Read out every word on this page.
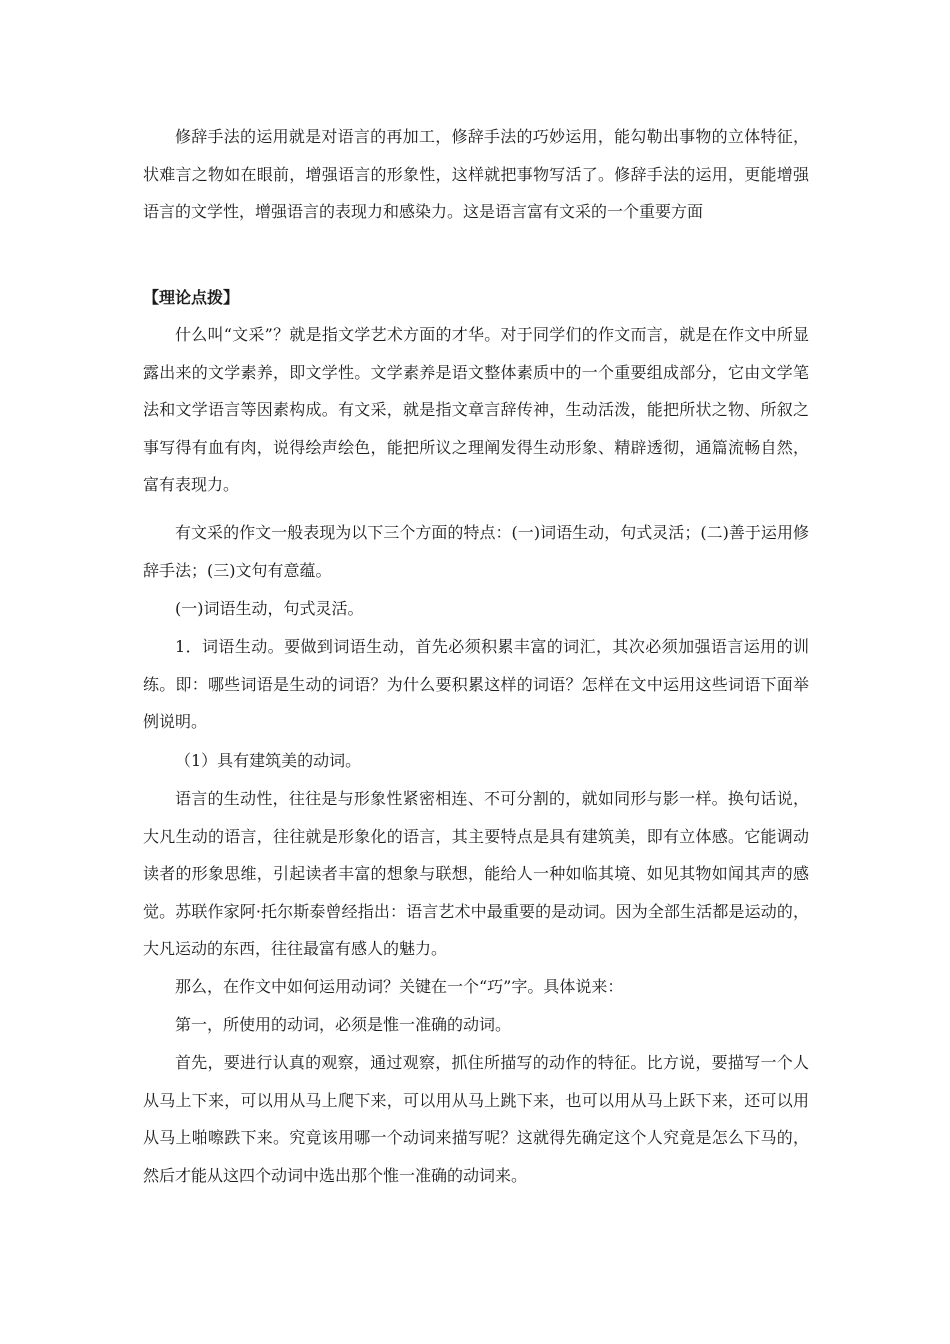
修辞手法的运用就是对语言的再加工，修辞手法的巧妙运用，能勾勒出事物的立体特征，状难言之物如在眼前，增强语言的形象性，这样就把事物写活了。修辞手法的运用，更能增强语言的文学性，增强语言的表现力和感染力。这是语言富有文采的一个重要方面

【理论点拨】

什么叫“文采”？就是指文学艺术方面的才华。对于同学们的作文而言，就是在作文中所显露出来的文学素养，即文学性。文学素养是语文整体素质中的一个重要组成部分，它由文学笔法和文学语言等因素构成。有文采，就是指文章言辞传神，生动活泼，能把所状之物、所叙之事写得有血有肉，说得绘声绘色，能把所议之理阐发得生动形象、精辟透彻，通篇流畅自然，富有表现力。

有文采的作文一般表现为以下三个方面的特点：(一)词语生动，句式灵活；(二)善于运用修辞手法；(三)文句有意蕴。

(一)词语生动，句式灵活。

1．词语生动。要做到词语生动，首先必须积累丰富的词汇，其次必须加强语言运用的训练。即：哪些词语是生动的词语？为什么要积累这样的词语？怎样在文中运用这些词语下面举例说明。

（1）具有建筑美的动词。

语言的生动性，往往是与形象性紧密相连、不可分割的，就如同形与影一样。换句话说，大凡生动的语言，往往就是形象化的语言，其主要特点是具有建筑美，即有立体感。它能调动读者的形象思维，引起读者丰富的想象与联想，能给人一种如临其境、如见其物如闻其声的感觉。苏联作家阿·托尔斯泰曾经指出：语言艺术中最重要的是动词。因为全部生活都是运动的，大凡运动的东西，往往最富有感人的魅力。

那么，在作文中如何运用动词？关键在一个“巧”字。具体说来：

第一，所使用的动词，必须是惟一准确的动词。

首先，要进行认真的观察，通过观察，抓住所描写的动作的特征。比方说，要描写一个人从马上下来，可以用从马上爬下来，可以用从马上跳下来，也可以用从马上跃下来，还可以用从马上啪嚓跌下来。究竟该用哪一个动词来描写呢？这就得先确定这个人究竟是怎么下马的，然后才能从这四个动词中选出那个惟一准确的动词来。
